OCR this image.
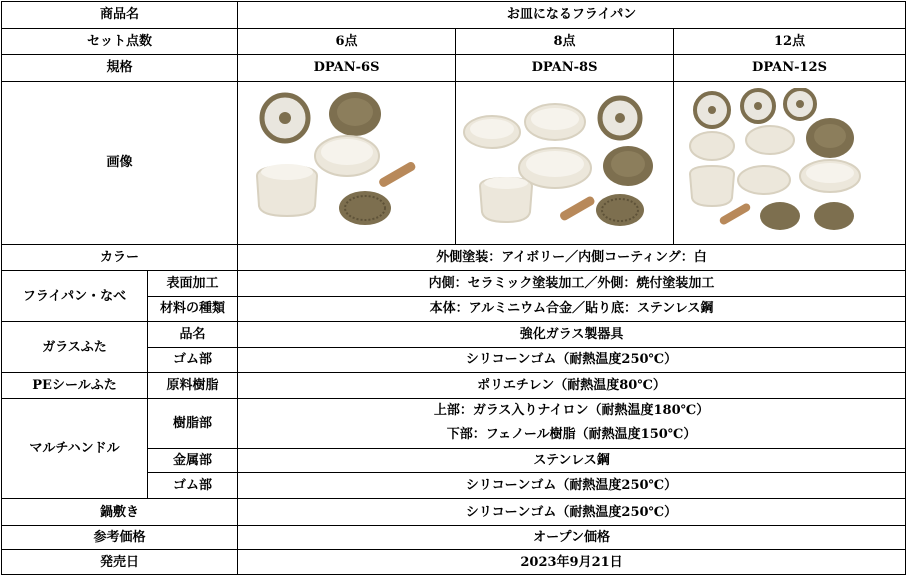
商品名		お皿になるフライパン		
セット点数		6点	8点	12点
規格		DPAN-6S	DPAN-8S	DPAN-12S
画像	

カラー		外側塗装：アイボリー／内側コーティング：白		
フライパン・なべ	表面加工	内側：セラミック塗装加工／外側：焼付塗装加工		
	材料の種類	本体：アルミニウム合金／貼り底：ステンレス鋼		
ガラスふた	品名	強化ガラス製器具		
	ゴム部	シリコーンゴム（耐熱温度250℃）		
PEシールふた	原料樹脂	ポリエチレン（耐熱温度80℃）		
マルチハンドル	樹脂部	上部：ガラス入りナイロン（耐熱温度180℃）
下部：フェノール樹脂（耐熱温度150℃）		

	金属部	ステンレス鋼		
	ゴム部	シリコーンゴム（耐熱温度250℃）		
鍋敷き		シリコーンゴム（耐熱温度250℃）		
参考価格		オープン価格		
発売日		2023年9月21日		
